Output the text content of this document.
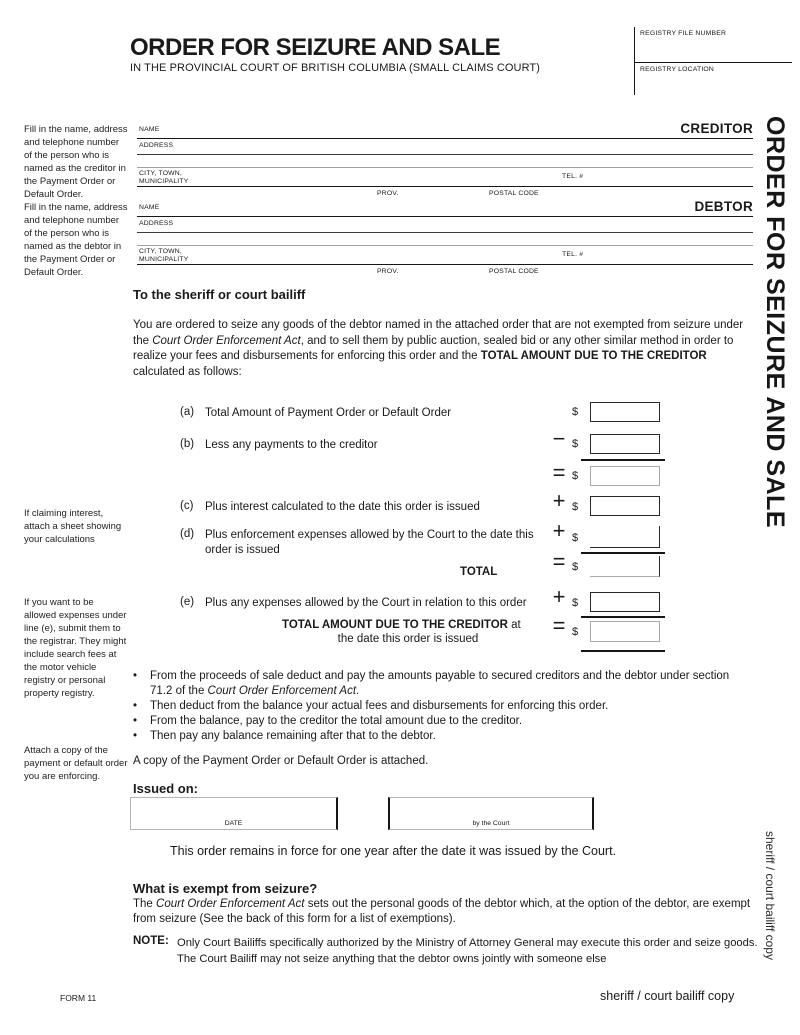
ORDER FOR SEIZURE AND SALE
IN THE PROVINCIAL COURT OF BRITISH COLUMBIA (SMALL CLAIMS COURT)
REGISTRY FILE NUMBER
REGISTRY LOCATION
ORDER FOR SEIZURE AND SALE
sheriff / court bailiff copy
Fill in the name, address and telephone number of the person who is named as the creditor in the Payment Order or Default Order.
Fill in the name, address and telephone number of the person who is named as the debtor in the Payment Order or Default Order.
If claiming interest, attach a sheet showing your calculations
If you want to be allowed expenses under line (e), submit them to the registrar. They might include search fees at the motor vehicle registry or personal property registry.
Attach a copy of the payment or default order you are enforcing.
NAME	CREDITOR
ADDRESS
CITY, TOWN,
MUNICIPALITY
TEL. #
PROV.	POSTAL CODE
NAME	DEBTOR
ADDRESS
CITY, TOWN,
MUNICIPALITY
TEL. #
PROV.	POSTAL CODE
To the sheriff or court bailiff
You are ordered to seize any goods of the debtor named in the attached order that are not exempted from seizure under the Court Order Enforcement Act, and to sell them by public auction, sealed bid or any other similar method in order to realize your fees and disbursements for enforcing this order and the TOTAL AMOUNT DUE TO THE CREDITOR calculated as follows:
(a) Total Amount of Payment Order or Default Order	$
(b) Less any payments to the creditor	− $
= $
(c)	Plus interest calculated to the date this order is issued	+ $
(d) Plus enforcement expenses allowed by the Court to the date this order is issued
+ $
TOTAL	= $
(e) Plus any expenses allowed by the Court in relation to this order	+ $
TOTAL AMOUNT DUE TO THE CREDITOR at
the date this order is issued
= $
• From the proceeds of sale deduct and pay the amounts payable to secured creditors and the debtor under section 71.2 of the Court Order Enforcement Act.
• Then deduct from the balance your actual fees and disbursements for enforcing this order.
• From the balance, pay to the creditor the total amount due to the creditor.
• Then pay any balance remaining after that to the debtor.
A copy of the Payment Order or Default Order is attached.
Issued on:
DATE	by the Court
This order remains in force for one year after the date it was issued by the Court.
What is exempt from seizure?
The Court Order Enforcement Act sets out the personal goods of the debtor which, at the option of the debtor, are exempt from seizure (See the back of this form for a list of exemptions).
NOTE: Only Court Bailiffs specifically authorized by the Ministry of Attorney General may execute this order and seize goods.
The Court Bailiff may not seize anything that the debtor owns jointly with someone else
FORM 11	sheriff / court bailiff copy
